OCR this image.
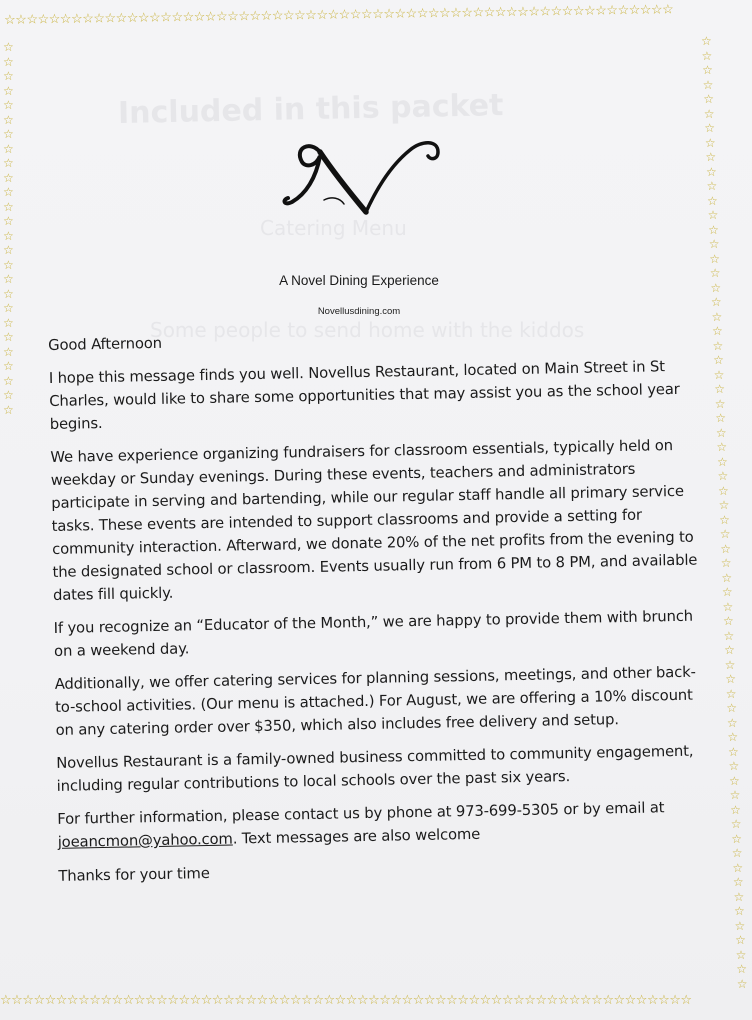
Included in this packet
Catering Menu
Some people to send home with the kiddos
☆☆☆☆☆☆☆☆☆☆☆☆☆☆☆☆☆☆☆☆☆☆☆☆☆☆☆☆☆☆☆☆☆☆☆☆☆☆☆☆☆☆☆☆☆☆☆☆☆☆☆☆☆☆☆☆☆☆☆☆
☆☆☆☆☆☆☆☆☆☆☆☆☆☆☆☆☆☆☆☆☆☆☆☆☆☆
☆
☆
☆
☆
☆
☆
☆
☆
☆
☆
☆
☆
☆
☆
☆
☆
☆
☆
☆
☆
☆
☆
☆
☆
☆
☆
☆
☆
☆
☆
☆
☆
☆
☆
☆
☆
☆
☆
☆
☆
☆
☆
☆
☆
☆
☆
☆
☆
☆
☆
☆
☆
☆
☆
☆
☆
☆
☆
☆
☆
☆
☆
☆
☆
☆
☆
☆☆☆☆☆☆☆☆☆☆☆☆☆☆☆☆☆☆☆☆☆☆☆☆☆☆☆☆☆☆☆☆☆☆☆☆☆☆☆☆☆☆☆☆☆☆☆☆☆☆☆☆☆☆☆☆☆☆☆☆☆☆
A Novel Dining Experience
Novellusdining.com

Good Afternoon

I hope this message finds you well. Novellus Restaurant, located on Main Street in St Charles, would like to share some opportunities that may assist you as the school year begins.

We have experience organizing fundraisers for classroom essentials, typically held on weekday or Sunday evenings. During these events, teachers and administrators participate in serving and bartending, while our regular staff handle all primary service tasks. These events are intended to support classrooms and provide a setting for community interaction. Afterward, we donate 20% of the net profits from the evening to the designated school or classroom. Events usually run from 6 PM to 8 PM, and available dates fill quickly.

If you recognize an “Educator of the Month,” we are happy to provide them with brunch on a weekend day.

Additionally, we offer catering services for planning sessions, meetings, and other back-to-school activities. (Our menu is attached.) For August, we are offering a 10% discount on any catering order over $350, which also includes free delivery and setup.

Novellus Restaurant is a family-owned business committed to community engagement, including regular contributions to local schools over the past six years.

For further information, please contact us by phone at 973-699-5305 or by email at joeancmon@yahoo.com. Text messages are also welcome

Thanks for your time
